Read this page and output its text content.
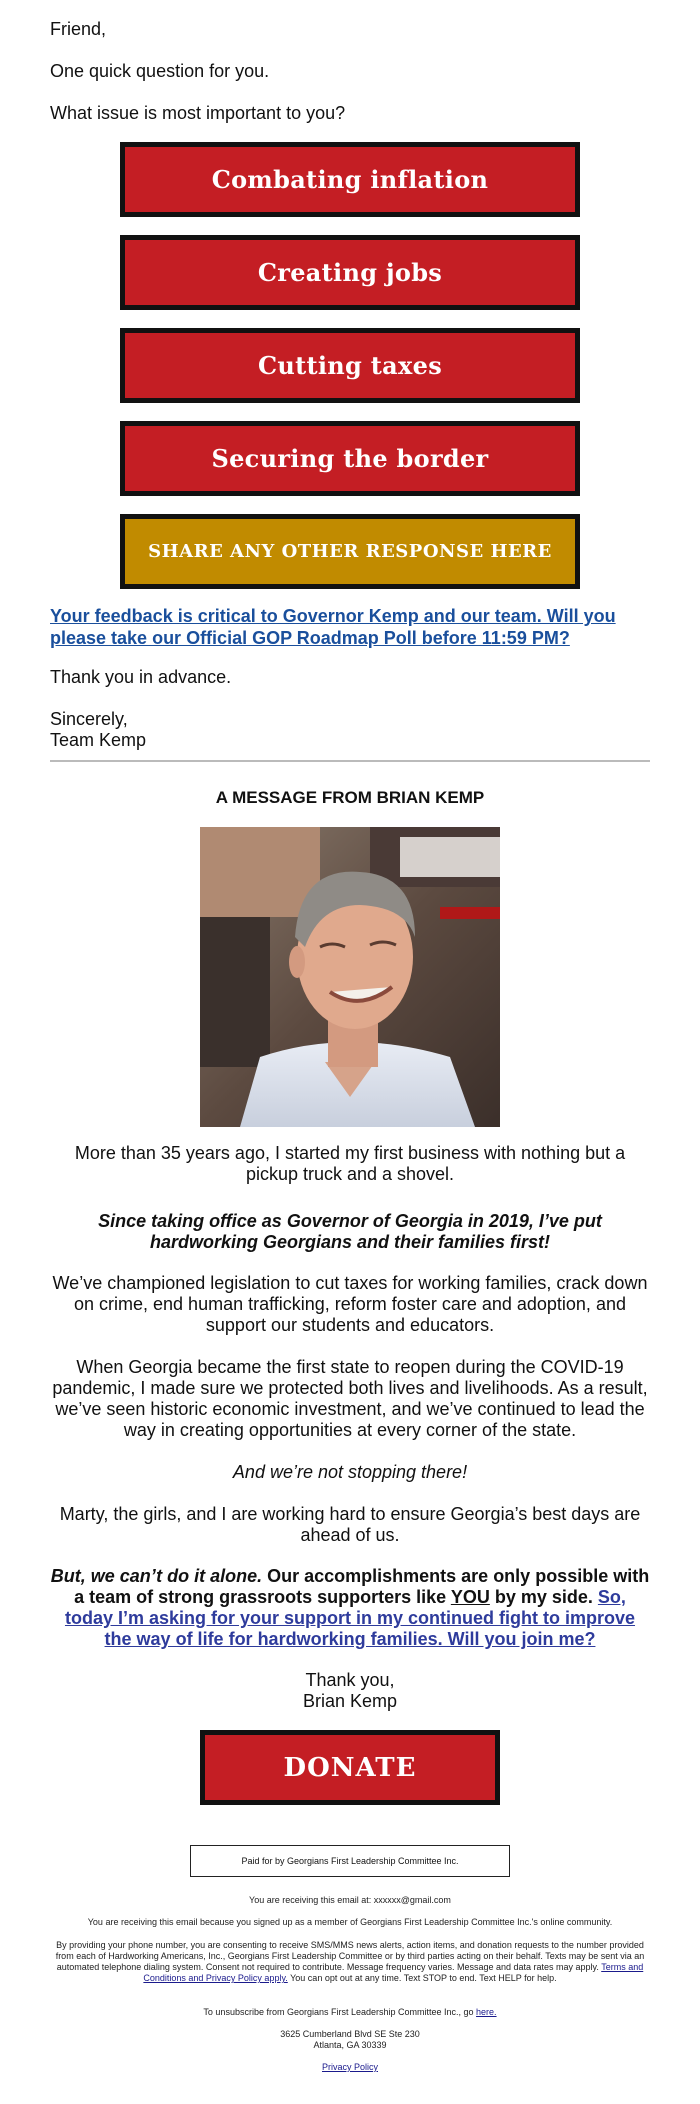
Friend,
One quick question for you.
What issue is most important to you?
Combating inflation
Creating jobs
Cutting taxes
Securing the border
SHARE ANY OTHER RESPONSE HERE
Your feedback is critical to Governor Kemp and our team. Will you please take our Official GOP Roadmap Poll before 11:59 PM?
Thank you in advance.
Sincerely,
Team Kemp
A MESSAGE FROM BRIAN KEMP
More than 35 years ago, I started my first business with nothing but a pickup truck and a shovel.
Since taking office as Governor of Georgia in 2019, I’ve put hardworking Georgians and their families first!
We’ve championed legislation to cut taxes for working families, crack down on crime, end human trafficking, reform foster care and adoption, and support our students and educators.
When Georgia became the first state to reopen during the COVID-19 pandemic, I made sure we protected both lives and livelihoods. As a result, we’ve seen historic economic investment, and we’ve continued to lead the way in creating opportunities at every corner of the state.
And we’re not stopping there!
Marty, the girls, and I are working hard to ensure Georgia’s best days are ahead of us.
But, we can’t do it alone. Our accomplishments are only possible with a team of strong grassroots supporters like YOU by my side. So, today I’m asking for your support in my continued fight to improve the way of life for hardworking families. Will you join me?
Thank you,
Brian Kemp
DONATE
Paid for by Georgians First Leadership Committee Inc.
You are receiving this email at: xxxxxx@gmail.com
You are receiving this email because you signed up as a member of Georgians First Leadership Committee Inc.'s online community.
By providing your phone number, you are consenting to receive SMS/MMS news alerts, action items, and donation requests to the number provided from each of Hardworking Americans, Inc., Georgians First Leadership Committee or by third parties acting on their behalf. Texts may be sent via an automated telephone dialing system. Consent not required to contribute. Message frequency varies. Message and data rates may apply. Terms and Conditions and Privacy Policy apply. You can opt out at any time. Text STOP to end. Text HELP for help.
To unsubscribe from Georgians First Leadership Committee Inc., go here.
3625 Cumberland Blvd SE Ste 230
Atlanta, GA 30339
Privacy Policy
